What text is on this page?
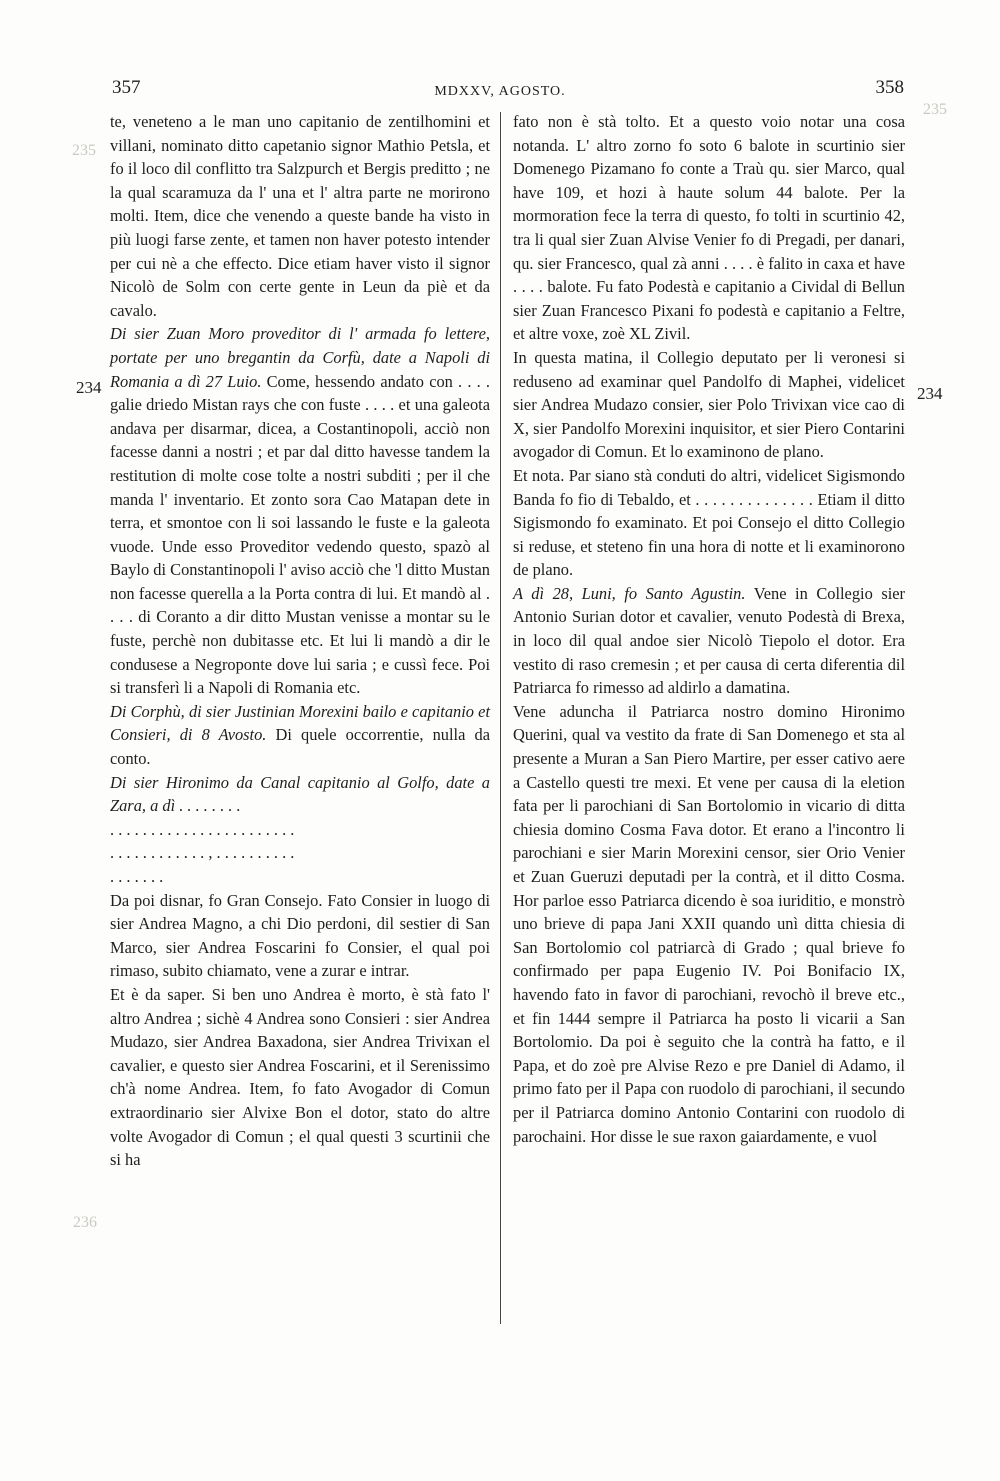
357	MDXXV, AGOSTO.	358
235
235
236
234	234

te, veneteno a le man uno capitanio de zentilhomini et villani, nominato ditto capetanio signor Mathio Petsla, et fo il loco dil conflitto tra Salzpurch et Bergis preditto ; ne la qual scaramuza da l' una et l' altra parte ne morirono molti. Item, dice che venendo a queste bande ha visto in più luogi farse zente, et tamen non haver potesto intender per cui nè a che effecto. Dice etiam haver visto il signor Nicolò de Solm con certe gente in Leun da piè et da cavalo.

Di sier Zuan Moro proveditor di l' armada fo lettere, portate per uno bregantin da Corfù, date a Napoli di Romania a dì 27 Luio. Come, hessendo andato con . . . . galie driedo Mistan rays che con fuste . . . . et una galeota andava per disarmar, dicea, a Costantinopoli, acciò non facesse danni a nostri ; et par dal ditto havesse tandem la restitution di molte cose tolte a nostri subditi ; per il che manda l' inventario. Et zonto sora Cao Matapan dete in terra, et smontoe con li soi lassando le fuste e la galeota vuode. Unde esso Proveditor vedendo questo, spazò al Baylo di Constantinopoli l' aviso acciò che 'l ditto Mustan non facesse querella a la Porta contra di lui. Et mandò al . . . . di Coranto a dir ditto Mustan venisse a montar su le fuste, perchè non dubitasse etc. Et lui li mandò a dir le condusese a Negroponte dove lui saria ; e cussì fece. Poi si transferì li a Napoli di Romania etc.

Di Corphù, di sier Justinian Morexini bailo e capitanio et Consieri, di 8 Avosto. Di quele occorrentie, nulla da conto.

Di sier Hironimo da Canal capitanio al Golfo, date a Zara, a dì . . . . . . . .

. . . . . . . . . . . . . . . . . . . . . . .

. . . . . . . . . . . . , . . . . . . . . . .

. . . . . . .

Da poi disnar, fo Gran Consejo. Fato Consier in luogo di sier Andrea Magno, a chi Dio perdoni, dil sestier di San Marco, sier Andrea Foscarini fo Consier, el qual poi rimaso, subito chiamato, vene a zurar e intrar.

Et è da saper. Si ben uno Andrea è morto, è stà fato l' altro Andrea ; sichè 4 Andrea sono Consieri : sier Andrea Mudazo, sier Andrea Baxadona, sier Andrea Trivixan el cavalier, e questo sier Andrea Foscarini, et il Serenissimo ch'à nome Andrea. Item, fo fato Avogador di Comun extraordinario sier Alvixe Bon el dotor, stato do altre volte Avogador di Comun ; el qual questi 3 scurtinii che si ha

fato non è stà tolto. Et a questo voio notar una cosa notanda. L' altro zorno fo soto 6 balote in scurtinio sier Domenego Pizamano fo conte a Traù qu. sier Marco, qual have 109, et hozi à haute solum 44 balote. Per la mormoration fece la terra di questo, fo tolti in scurtinio 42, tra li qual sier Zuan Alvise Venier fo di Pregadi, per danari, qu. sier Francesco, qual zà anni . . . . è falito in caxa et have . . . . balote. Fu fato Podestà e capitanio a Cividal di Bellun sier Zuan Francesco Pixani fo podestà e capitanio a Feltre, et altre voxe, zoè XL Zivil.

In questa matina, il Collegio deputato per li veronesi si reduseno ad examinar quel Pandolfo di Maphei, videlicet sier Andrea Mudazo consier, sier Polo Trivixan vice cao di X, sier Pandolfo Morexini inquisitor, et sier Piero Contarini avogador di Comun. Et lo examinono de plano.

Et nota. Par siano stà conduti do altri, videlicet Sigismondo Banda fo fio di Tebaldo, et . . . . . . . . . . . . . . Etiam il ditto Sigismondo fo examinato. Et poi Consejo el ditto Collegio si reduse, et steteno fin una hora di notte et li examinorono de plano.

A dì 28, Luni, fo Santo Agustin. Vene in Collegio sier Antonio Surian dotor et cavalier, venuto Podestà di Brexa, in loco dil qual andoe sier Nicolò Tiepolo el dotor. Era vestito di raso cremesin ; et per causa di certa diferentia dil Patriarca fo rimesso ad aldirlo a damatina.

Vene aduncha il Patriarca nostro domino Hironimo Querini, qual va vestito da frate di San Domenego et sta al presente a Muran a San Piero Martire, per esser cativo aere a Castello questi tre mexi. Et vene per causa di la eletion fata per li parochiani di San Bortolomio in vicario di ditta chiesia domino Cosma Fava dotor. Et erano a l'incontro li parochiani e sier Marin Morexini censor, sier Orio Venier et Zuan Gueruzi deputadi per la contrà, et il ditto Cosma. Hor parloe esso Patriarca dicendo è soa iuriditio, e monstrò uno brieve di papa Jani XXII quando unì ditta chiesia di San Bortolomio col patriarcà di Grado ; qual brieve fo confirmado per papa Eugenio IV. Poi Bonifacio IX, havendo fato in favor di parochiani, revochò il breve etc., et fin 1444 sempre il Patriarca ha posto li vicarii a San Bortolomio. Da poi è seguito che la contrà ha fatto, e il Papa, et do zoè pre Alvise Rezo e pre Daniel di Adamo, il primo fato per il Papa con ruodolo di parochiani, il secundo per il Patriarca domino Antonio Contarini con ruodolo di parochaini. Hor disse le sue raxon gaiardamente, e vuol
